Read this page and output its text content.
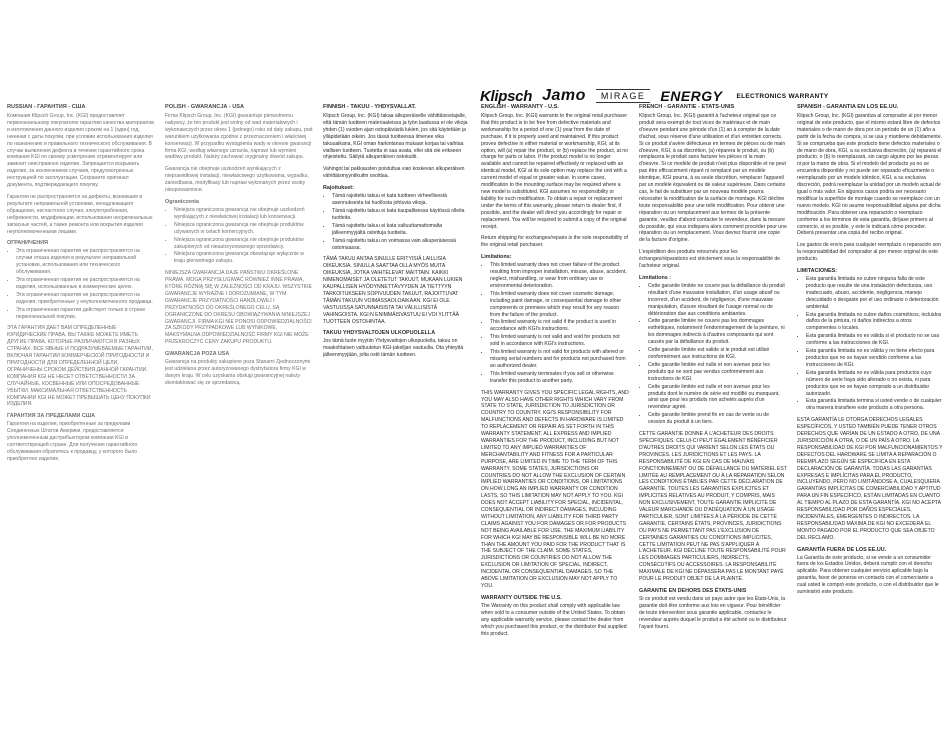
Klipsch Jamo	MIRAGE	ENERGY ELECTRONICS WARRANTY
RUSSIAN - ГАРАНТИЯ - США

Компания Klipsch Group, Inc. (KGI) предоставляет первоначальному покупателю гарантию качества материалов и изготовления данного изделия сроком на 1 (один) год, начиная с даты покупки, при условии использования изделия по назначению и правильного технического обслуживания. В случае выявления дефекта в течение гарантийного срока компания KGI по своему усмотрению отремонтирует или заменит неисправное изделие. Запрещается вскрывать изделие, за исключением случаев, предусмотренных инструкцией по эксплуатации. Сохраните оригинал документа, подтверждающего покупку.

Гарантия не распространяется на дефекты, возникшие в результате неправильной установки, ненадлежащего обращения, несчастного случая, злоупотребления, небрежности, модификации, использования неоригинальных запасных частей, а также ремонта или вскрытия изделия неуполномоченными лицами.

ОГРАНИЧЕНИЯ
• Эта ограниченная гарантия не распространяется на случаи отказа изделия в результате неправильной установки, использования или технического обслуживания.
• Эта ограниченная гарантия не распространяется на изделия, использованные в коммерческих целях.
• Эта ограниченная гарантия не распространяется на изделия, приобретенные у неуполномоченного продавца.
• Эта ограниченная гарантия действует только в стране первоначальной покупки.

ЭТА ГАРАНТИЯ ДАЕТ ВАМ ОПРЕДЕЛЕННЫЕ ЮРИДИЧЕСКИЕ ПРАВА. ВЫ ТАКЖЕ МОЖЕТЕ ИМЕТЬ ДРУГИЕ ПРАВА, КОТОРЫЕ РАЗЛИЧАЮТСЯ В РАЗНЫХ СТРАНАХ. ВСЕ ЯВНЫЕ И ПОДРАЗУМЕВАЕМЫЕ ГАРАНТИИ, ВКЛЮЧАЯ ГАРАНТИИ КОММЕРЧЕСКОЙ ПРИГОДНОСТИ И ПРИГОДНОСТИ ДЛЯ ОПРЕДЕЛЕННОЙ ЦЕЛИ, ОГРАНИЧЕНЫ СРОКОМ ДЕЙСТВИЯ ДАННОЙ ГАРАНТИИ. КОМПАНИЯ KGI НЕ НЕСЕТ ОТВЕТСТВЕННОСТИ ЗА СЛУЧАЙНЫЕ, КОСВЕННЫЕ ИЛИ ОПОСРЕДОВАННЫЕ УБЫТКИ. МАКСИМАЛЬНАЯ ОТВЕТСТВЕННОСТЬ КОМПАНИИ KGI НЕ МОЖЕТ ПРЕВЫШАТЬ ЦЕНУ ПОКУПКИ ИЗДЕЛИЯ.

ГАРАНТИЯ ЗА ПРЕДЕЛАМИ США

Гарантия на изделия, приобретенные за пределами Соединенных Штатов Америки, предоставляется уполномоченным дистрибьютором компании KGI в соответствующей стране. Для получения гарантийного обслуживания обратитесь к продавцу, у которого было приобретено изделие.

POLISH - GWARANCJA - USA

Firma Klipsch Group, Inc. (KGI) gwarantuje pierwotnemu nabywcy, że ten produkt jest wolny od wad materiałowych i wykonawczych przez okres 1 (jednego) roku od daty zakupu, pod warunkiem użytkowania zgodnie z przeznaczeniem i właściwej konserwacji. W przypadku wystąpienia wady w okresie gwarancji firma KGI, według własnego uznania, naprawi lub wymieni wadliwy produkt. Należy zachować oryginalny dowód zakupu.

Gwarancja nie obejmuje uszkodzeń wynikających z nieprawidłowej instalacji, niewłaściwego użytkowania, wypadku, zaniedbania, modyfikacji lub napraw wykonanych przez osoby nieupoważnione.

Ograniczenia
• Niniejsza ograniczona gwarancja nie obejmuje uszkodzeń wynikających z niewłaściwej instalacji lub konserwacji.
• Niniejsza ograniczona gwarancja nie obejmuje produktów używanych w celach komercyjnych.
• Niniejsza ograniczona gwarancja nie obejmuje produktów zakupionych od nieautoryzowanego sprzedawcy.
• Niniejsza ograniczona gwarancja obowiązuje wyłącznie w kraju pierwotnego zakupu.

NINIEJSZA GWARANCJA DAJE PAŃSTWU OKREŚLONE PRAWA. MOGĄ PRZYSŁUGIWAĆ RÓWNIEŻ INNE PRAWA, KTÓRE RÓŻNIĄ SIĘ W ZALEŻNOŚCI OD KRAJU. WSZYSTKIE GWARANCJE WYRAŹNE I DOROZUMIANE, W TYM GWARANCJE PRZYDATNOŚCI HANDLOWEJ I PRZYDATNOŚCI DO OKREŚLONEGO CELU, SĄ OGRANICZONE DO OKRESU OBOWIĄZYWANIA NINIEJSZEJ GWARANCJI. FIRMA KGI NIE PONOSI ODPOWIEDZIALNOŚCI ZA SZKODY PRZYPADKOWE LUB WYNIKOWE. MAKSYMALNA ODPOWIEDZIALNOŚĆ FIRMY KGI NIE MOŻE PRZEKROCZYĆ CENY ZAKUPU PRODUKTU.

GWARANCJA POZA USA

Gwarancja na produkty zakupione poza Stanami Zjednoczonymi jest udzielana przez autoryzowanego dystrybutora firmy KGI w danym kraju. W celu uzyskania obsługi gwarancyjnej należy skontaktować się ze sprzedawcą.

FINNISH - TAKUU - YHDYSVALLAT.

Klipsch Group, Inc. (KGI) takaa alkuperäiselle vähittäisostajalle, että tämän tuotteen materiaaleissa ja työn laadussa ei ole vikoja yhden (1) vuoden ajan ostopäivästä lukien, jos sitä käytetään ja ylläpidetään oikein. Jos tässä tuotteessa ilmenee vika takuuaikana, KGI oman harkintansa mukaan korjaa tai vaihtaa viallisen tuotteen. Tuotetta ei saa avata, ellei sitä ole erikseen ohjeistettu. Säilytä alkuperäinen ostokuitti.

Vahingot tai pakkausten poistuttua vian koskevan alkuperäisen vähittäismyyntikuitin osoittaa.

Rajoitukset:
• Tämä rajoitettu takuu ei kata tuotteen virheellisestä asennuksesta tai huollosta johtuvia vikoja.
• Tämä rajoitettu takuu ei kata kaupallisessa käytössä olleita tuotteita.
• Tämä rajoitettu takuu ei kata valtuuttamattomalta jälleenmyyjältä ostettuja tuotteita.
• Tämä rajoitettu takuu on voimassa vain alkuperäisessä ostomaassa.

TÄMÄ TAKUU ANTAA SINULLE ERITYISIÄ LAILLISIA OIKEUKSIA. SINULLA SAATTAA OLLA MYÖS MUITA OIKEUKSIA, JOTKA VAIHTELEVAT MAITTAIN. KAIKKI NIMENOMAISET JA OLETETUT TAKUUT, MUKAAN LUKIEN KAUPALLISEN HYÖDYNNETTÄVYYDEN JA TIETTYYN TARKOITUKSEEN SOPIVUUDEN TAKUUT, RAJOITTUVAT TÄMÄN TAKUUN VOIMASSAOLOAIKAAN. KGI EI OLE VASTUUSSA SATUNNAISISTA TAI VÄLILLISISTÄ VAHINGOISTA. KGI:N ENIMMÄISVASTUU EI VOI YLITTÄÄ TUOTTEEN OSTOHINTAA.

TAKUU YHDYSVALTOJEN ULKOPUOLELLA

Jos tämä tuote myytiin Yhdysvaltojen ulkopuolella, takuu on maakohtaisen valtuutetun KGI-jakelijan vastuulla. Ota yhteyttä jälleenmyyjään, jolta ostit tämän tuotteen.

ENGLISH - WARRANTY - U.S.

Klipsch Group, Inc. (KGI) warrants to the original retail purchaser that this product is to be free from defective materials and workmanship for a period of one (1) year from the date of purchase, if it is properly used and maintained. If this product proves defective in either material or workmanship, KGI, at its option, will (a) repair the product, or (b) replace the product, at no charge for parts or labor. If the product model is no longer available and cannot be repaired effectively or replaced with an identical model, KGI at its sole option may replace the unit with a current model of equal or greater value. In some cases, modification to the mounting surface may be required where a new model is substituted. KGI assumes no responsibility or liability for such modification. To obtain a repair or replacement under the terms of this warranty, please return to dealer first, if possible, and the dealer will direct you accordingly for repair or replacement. You will be required to submit a copy of the original receipt.

Return shipping for exchanges/repairs is the sole responsibility of the original retail purchaser.

Limitations:
• This limited warranty does not cover failure of the product resulting from improper installation, misuse, abuse, accident, neglect, mishandling, or wear from ordinary use or environmental deterioration.
• This limited warranty does not cover cosmetic damage, including paint damage, or consequential damage to other components or premises which may result for any reason from the failure of the product.
• This limited warranty is not valid if the product is used in accordance with KGI's instructions.
• This limited warranty is not valid and void for products not sold in accordance with KGI's instructions.
• This limited warranty is not valid for products with altered or missing serial numbers and for products not purchased from an authorized dealer.
• This limited warranty terminates if you sell or otherwise transfer this product to another party.

THIS WARRANTY GIVES YOU SPECIFIC LEGAL RIGHTS, AND YOU MAY ALSO HAVE OTHER RIGHTS WHICH VARY FROM STATE TO STATE, JURISDICTION TO JURISDICTION OR COUNTRY TO COUNTRY. KGI'S RESPONSIBILITY FOR MALFUNCTIONS AND DEFECTS IN HARDWARE IS LIMITED TO REPLACEMENT OR REPAIR AS SET FORTH IN THIS WARRANTY STATEMENT. ALL EXPRESS AND IMPLIED WARRANTIES FOR THE PRODUCT, INCLUDING BUT NOT LIMITED TO ANY IMPLIED WARRANTIES OF MERCHANTABILITY AND FITNESS FOR A PARTICULAR PURPOSE, ARE LIMITED IN TIME TO THE TERM OF THIS WARRANTY. SOME STATES, JURISDICTIONS OR COUNTRIES DO NOT ALLOW THE EXCLUSION OF CERTAIN IMPLIED WARRANTIES OR CONDITIONS, OR LIMITATIONS ON HOW LONG AN IMPLIED WARRANTY OR CONDITION LASTS, SO THIS LIMITATION MAY NOT APPLY TO YOU. KGI DOES NOT ACCEPT LIABILITY FOR SPECIAL, INCIDENTAL, CONSEQUENTIAL OR INDIRECT DAMAGES, INCLUDING WITHOUT LIMITATION, ANY LIABILITY FOR THIRD PARTY CLAIMS AGAINST YOU FOR DAMAGES OR FOR PRODUCTS NOT BEING AVAILABLE FOR USE. THE MAXIMUM LIABILITY FOR WHICH KGI MAY BE RESPONSIBLE WILL BE NO MORE THAN THE AMOUNT YOU PAID FOR THE PRODUCT THAT IS THE SUBJECT OF THE CLAIM. SOME STATES, JURISDICTIONS OR COUNTRIES DO NOT ALLOW THE EXCLUSION OR LIMITATION OF SPECIAL, INDIRECT, INCIDENTAL OR CONSEQUENTIAL DAMAGES, SO THE ABOVE LIMITATION OR EXCLUSION MAY NOT APPLY TO YOU.

WARRANTY OUTSIDE THE U.S.

The Warranty on this product shall comply with applicable law when sold to a consumer outside of the United States. To obtain any applicable warranty service, please contact the dealer from which you purchased this product, or the distributor that supplied this product.

FRENCH - GARANTIE - ÉTATS-UNIS

Klipsch Group, Inc. (KGI) garantit à l'acheteur original que ce produit sera exempt de tout vices de matériaux et de main d'oeuvre pendant une période d'un (1) an à compter de la date d'achat, sous réserve d'une utilisation et d'un entretien corrects. Si ce produit s'avère défectueux en termes de pièces ou de main d'oeuvre, KGI, à sa discrétion, (a) réparera le produit, ou (b) remplacera le produit sans facturer les pièces ni la main d'oeuvre. Si ce modèle de produit n'est plus disponible et ne peut pas être efficacement réparé ni remplacé par un modèle identique, KGI pourra, à sa seule discrétion, remplacer l'appareil par un modèle équivalent ou de valeur supérieure. Dans certains cas, le fait de substituer par un nouveau modèle pourra nécessiter la modification de la surface de montage. KGI décline toute responsabilité pour une telle modification. Pour obtenir une réparation ou un remplacement aux termes de la présente garantie, veuillez d'abord contacter le revendeur, dans la mesure du possible, qui vous indiquera alors comment procéder pour une réparation ou un remplacement. Vous devrez fournir une copie de la facture d'origine.

L'expédition des produits retournés pour les échanges/réparations est strictement sous la responsabilité de l'acheteur original.

Limitations :
• Cette garantie limitée ne couvre pas la défaillance du produit résultant d'une mauvaise installation, d'un usage abusif ou incorrect, d'un accident, de négligence, d'une mauvaise manipulation, d'usure résultant de l'usage normal ou de détérioration due aux conditions ambiantes.
• Cette garantie limitée ne couvre pas les dommages esthétiques, notamment l'endommagement de la peinture, ni les dommages indirects à d'autres composants qui sont causés par la défaillance du produit.
• Cette garantie limitée est valide si le produit est utilisé conformément aux instructions de KGI.
• Cette garantie limitée est nulle et non avenue pour les produits qui ne sont pas vendus conformément aux instructions de KGI.
• Cette garantie limitée est nulle et non avenue pour les produits dont le numéro de série est modifié ou manquant, ainsi que pour les produits non achetés auprès d'un revendeur agréé.
• Cette garantie limitée prend fin en cas de vente ou de cession du produit à un tiers.

CETTE GARANTIE DONNE À L'ACHETEUR DES DROITS SPÉCIFIQUES. CELUI-CI PEUT ÉGALEMENT BÉNÉFICIER D'AUTRES DROITS QUI VARIENT SELON LES ÉTATS OU PROVINCES. LES JURIDICTIONS ET LES PAYS. LA RESPONSABILITÉ DE KGI EN CAS DE MAUVAIS FONCTIONNEMENT OU DE DÉFAILLANCE DU MATÉRIEL EST LIMITÉE AU REMPLACEMENT OU À LA RÉPARATION SELON LES CONDITIONS ÉTABLIES PAR CETTE DÉCLARATION DE GARANTIE. TOUTES LES GARANTIES EXPLICITES ET IMPLICITES RELATIVES AU PRODUIT, Y COMPRIS, MAIS NON EXCLUSIVEMENT, TOUTE GARANTIE IMPLICITE DE VALEUR MARCHANDE OU D'ADÉQUATION À UN USAGE PARTICULIER, SONT LIMITÉES À LA PÉRIODE DE CETTE GARANTIE. CERTAINS ÉTATS, PROVINCES, JURIDICTIONS OU PAYS NE PERMETTANT PAS L'EXCLUSION DE CERTAINES GARANTIES OU CONDITIONS IMPLICITES, CETTE LIMITATION PEUT NE PAS S'APPLIQUER À L'ACHETEUR. KGI DÉCLINE TOUTE RESPONSABILITÉ POUR LES DOMMAGES PARTICULIERS, INDIRECTS, CONSÉCUTIFS OU ACCESSOIRES. LA RESPONSABILITÉ MAXIMALE DE KGI NE DÉPASSERA PAS LE MONTANT PAYÉ POUR LE PRODUIT OBJET DE LA PLAINTE.

GARANTIE EN DEHORS DES ÉTATS-UNIS

Si ce produit est vendu dans un pays autre que les États-Unis, la garantie doit être conforme aux lois en vigueur. Pour bénéficier de toute intervention sous garantie applicable, contactez le revendeur auprès duquel le produit a été acheté ou le distributeur l'ayant fourni.

SPANISH - GARANTÍA EN LOS EE.UU.

Klipsch Group, Inc. (KGI) garantiza al comprador al por menor original de este producto, que el mismo estará libre de defectos materiales o de mano de obra por un período de un (1) año a partir de la fecha de compra, si se usa y mantiene debidamente. Si se comprueba que este producto tiene defectos materiales o de mano de obra, KGI, a su exclusiva discreción, (a) reparará el producto, o (b) lo reemplazará, sin cargo alguno por las piezas ni por la mano de obra. Si el modelo del producto ya no se encuentra disponible y no puede ser reparado eficazmente o reemplazado por un modelo idéntico, KGI, a su exclusiva discreción, podrá reemplazar la unidad por un modelo actual de igual o más valor. En algunos casos podría ser necesario modificar la superficie de montaje cuando se reemplace con un nuevo modelo. KGI no asume responsabilidad alguna por dicha modificación. Para obtener una reparación o reemplazo conforme a los términos de esta garantía, diríjase primero al comercio, si es posible, y este le indicará cómo proceder. Deberá presentar una copia del recibo original.

Los gastos de envío para cualquier reemplazo o reparación son la responsabilidad del comprador al por menor original de este producto.

LIMITACIONES:
• Esta garantía limitada no cubre ninguna falla de este producto que resulte de una instalación defectuosa, uso inadecuado, abuso, accidente, negligencia, manejo descuidado o desgaste por el uso ordinario o deterioración ambiental.
• Esta garantía limitada no cubre daños cosméticos, incluidos daños de la pintura, ni daños indirectos a otros componentes o locales.
• Esta garantía limitada no es válida si el producto no se usa conforme a las instrucciones de KGI.
• Esta garantía limitada no es válida y no tiene efecto para productos que no se hayan vendido conforme a las instrucciones de KGI.
• Esta garantía limitada no es válida para productos cuyo número de serie haya sido alterado o no exista, ni para productos que no se hayan comprado a un distribuidor autorizado.
• Esta garantía limitada termina si usted vende o de cualquier otra manera transfiere este producto a otra persona.

ESTA GARANTÍA LE OTORGA DERECHOS LEGALES ESPECÍFICOS, Y USTED TAMBIÉN PUEDE TENER OTROS DERECHOS QUE VARÍAN DE UN ESTADO A OTRO, DE UNA JURISDICCIÓN A OTRA, O DE UN PAÍS A OTRO. LA RESPONSABILIDAD DE KGI POR MALFUNCIONAMIENTOS Y DEFECTOS DEL HARDWARE SE LIMITA A REPARACIÓN O REEMPLAZO SEGÚN SE ESPECIFICA EN ESTA DECLARACIÓN DE GARANTÍA. TODAS LAS GARANTÍAS EXPRESAS E IMPLÍCITAS PARA EL PRODUCTO, INCLUYENDO, PERO NO LIMITÁNDOSE A, CUALESQUIERA GARANTÍAS IMPLÍCITAS DE COMERCIABILIDAD Y APTITUD PARA UN FIN ESPECÍFICO, ESTÁN LIMITADAS EN CUANTO AL TIEMPO AL PLAZO DE ESTA GARANTÍA. KGI NO ACEPTA RESPONSABILIDAD POR DAÑOS ESPECIALES, INCIDENTALES, EMERGENTES O INDIRECTOS. LA RESPONSABILIDAD MÁXIMA DE KGI NO EXCEDERÁ EL MONTO PAGADO POR EL PRODUCTO QUE SEA OBJETO DEL RECLAMO.

GARANTÍA FUERA DE LOS EE.UU.

La Garantía de este producto, si se vende a un consumidor fuera de los Estados Unidos, deberá cumplir con el derecho aplicable. Para obtener cualquier servicio aplicable bajo la garantía, favor de ponerse en contacto con el comerciante a cual usted le compró este producto, o con el distribuidor que le suministró este producto.
